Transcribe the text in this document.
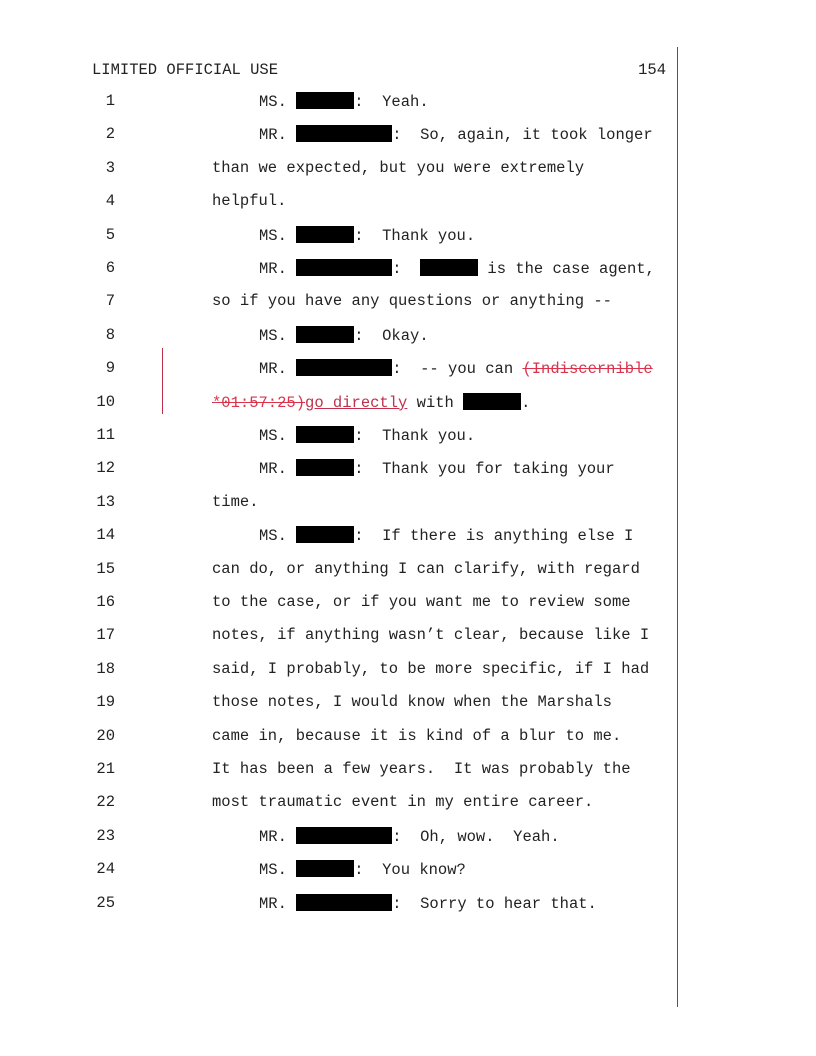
LIMITED OFFICIAL USE	154
1	MS.	:  Yeah.
2	MR.	:  So, again, it took longer
3	than we expected, but you were extremely
4	helpful.
5	MS.	:  Thank you.
6	MR.	:	is the case agent,
7	so if you have any questions or anything --
8	MS.	:  Okay.
9	MR.	:  -- you can (Indiscernible
10	*01:57:25)go directly with	.
11	MS.	:  Thank you.
12	MR.	:  Thank you for taking your
13	time.
14	MS.	:  If there is anything else I
15	can do, or anything I can clarify, with regard
16	to the case, or if you want me to review some
17	notes, if anything wasn’t clear, because like I
18	said, I probably, to be more specific, if I had
19	those notes, I would know when the Marshals
20	came in, because it is kind of a blur to me.
21	It has been a few years.  It was probably the
22	most traumatic event in my entire career.
23	MR.	:  Oh, wow.  Yeah.
24	MS.	:  You know?
25	MR.	:  Sorry to hear that.
